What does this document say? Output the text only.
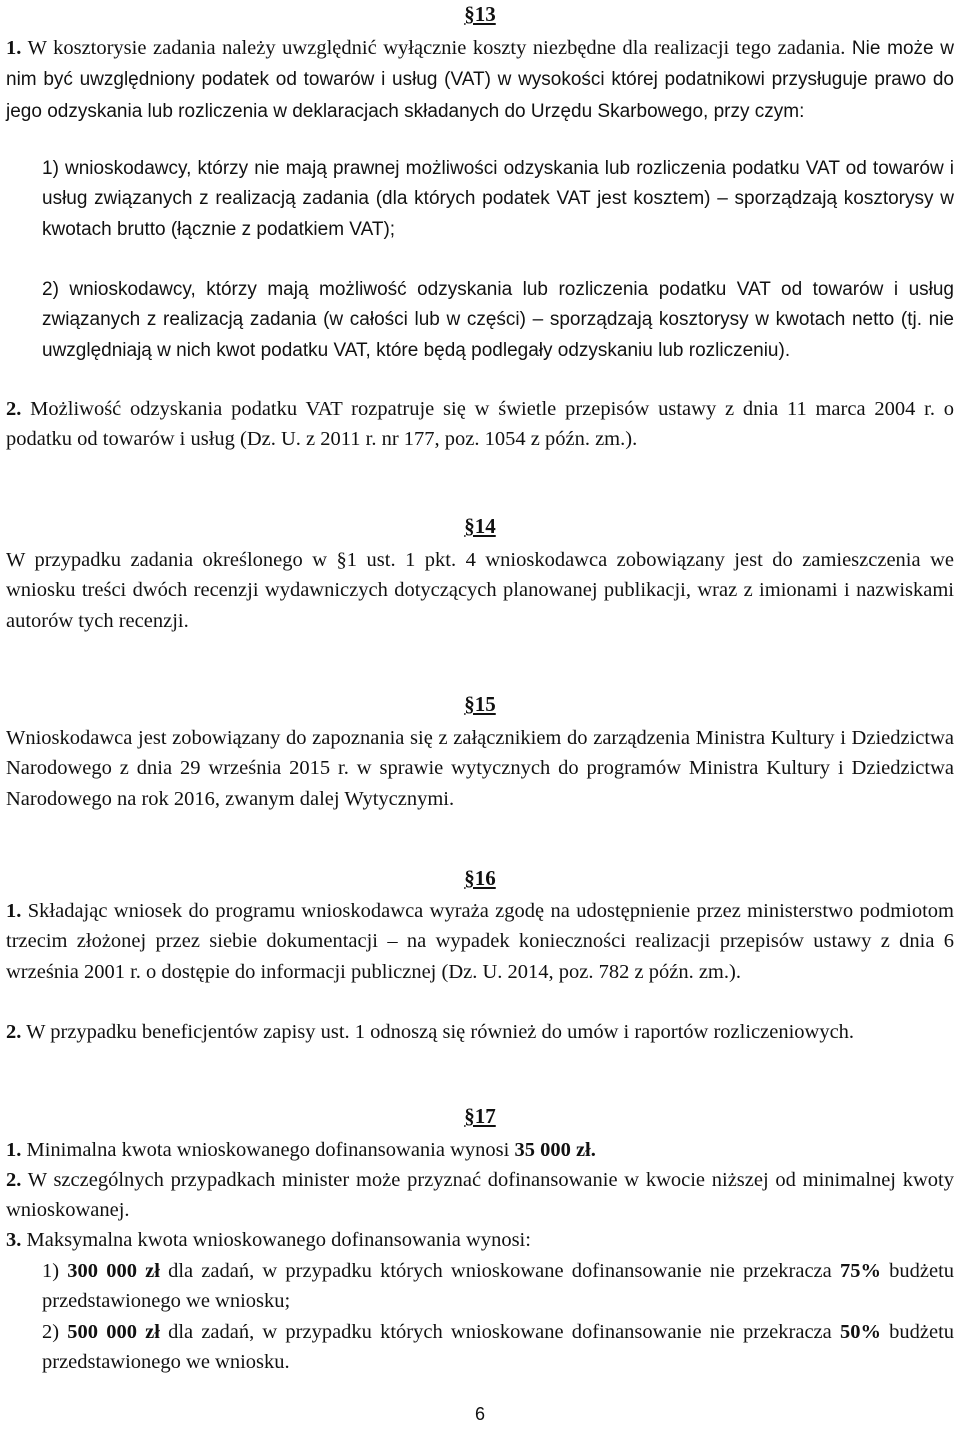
§13

1. W kosztorysie zadania należy uwzględnić wyłącznie koszty niezbędne dla realizacji tego zadania. Nie może w nim być uwzględniony podatek od towarów i usług (VAT) w wysokości której podatnikowi przysługuje prawo do jego odzyskania lub rozliczenia w deklaracjach składanych do Urzędu Skarbowego, przy czym:

1) wnioskodawcy, którzy nie mają prawnej możliwości odzyskania lub rozliczenia podatku VAT od towarów i usług związanych z realizacją zadania (dla których podatek VAT jest kosztem) – sporządzają kosztorysy w kwotach brutto (łącznie z podatkiem VAT);

2) wnioskodawcy, którzy mają możliwość odzyskania lub rozliczenia podatku VAT od towarów i usług związanych z realizacją zadania (w całości lub w części) – sporządzają kosztorysy w kwotach netto (tj. nie uwzględniają w nich kwot podatku VAT, które będą podlegały odzyskaniu lub rozliczeniu).

2. Możliwość odzyskania podatku VAT rozpatruje się w świetle przepisów ustawy z dnia 11 marca 2004 r. o podatku od towarów i usług (Dz. U. z 2011 r. nr 177, poz. 1054 z późn. zm.).

§14

W przypadku zadania określonego w §1 ust. 1 pkt. 4 wnioskodawca zobowiązany jest do zamieszczenia we wniosku treści dwóch recenzji wydawniczych dotyczących planowanej publikacji, wraz z imionami i nazwiskami autorów tych recenzji.

§15

Wnioskodawca jest zobowiązany do zapoznania się z załącznikiem do zarządzenia Ministra Kultury i Dziedzictwa Narodowego z dnia 29 września 2015 r. w sprawie wytycznych do programów Ministra Kultury i Dziedzictwa Narodowego na rok 2016, zwanym dalej Wytycznymi.

§16

1. Składając wniosek do programu wnioskodawca wyraża zgodę na udostępnienie przez ministerstwo podmiotom trzecim złożonej przez siebie dokumentacji – na wypadek konieczności realizacji przepisów ustawy z dnia 6 września 2001 r. o dostępie do informacji publicznej (Dz. U. 2014, poz. 782 z późn. zm.).

2. W przypadku beneficjentów zapisy ust. 1 odnoszą się również do umów i raportów rozliczeniowych.

§17

1. Minimalna kwota wnioskowanego dofinansowania wynosi 35 000 zł.

2. W szczególnych przypadkach minister może przyznać dofinansowanie w kwocie niższej od minimalnej kwoty wnioskowanej.

3. Maksymalna kwota wnioskowanego dofinansowania wynosi:

1) 300 000 zł dla zadań, w przypadku których wnioskowane dofinansowanie nie przekracza 75% budżetu przedstawionego we wniosku;

2) 500 000 zł dla zadań, w przypadku których wnioskowane dofinansowanie nie przekracza 50% budżetu przedstawionego we wniosku.

6
